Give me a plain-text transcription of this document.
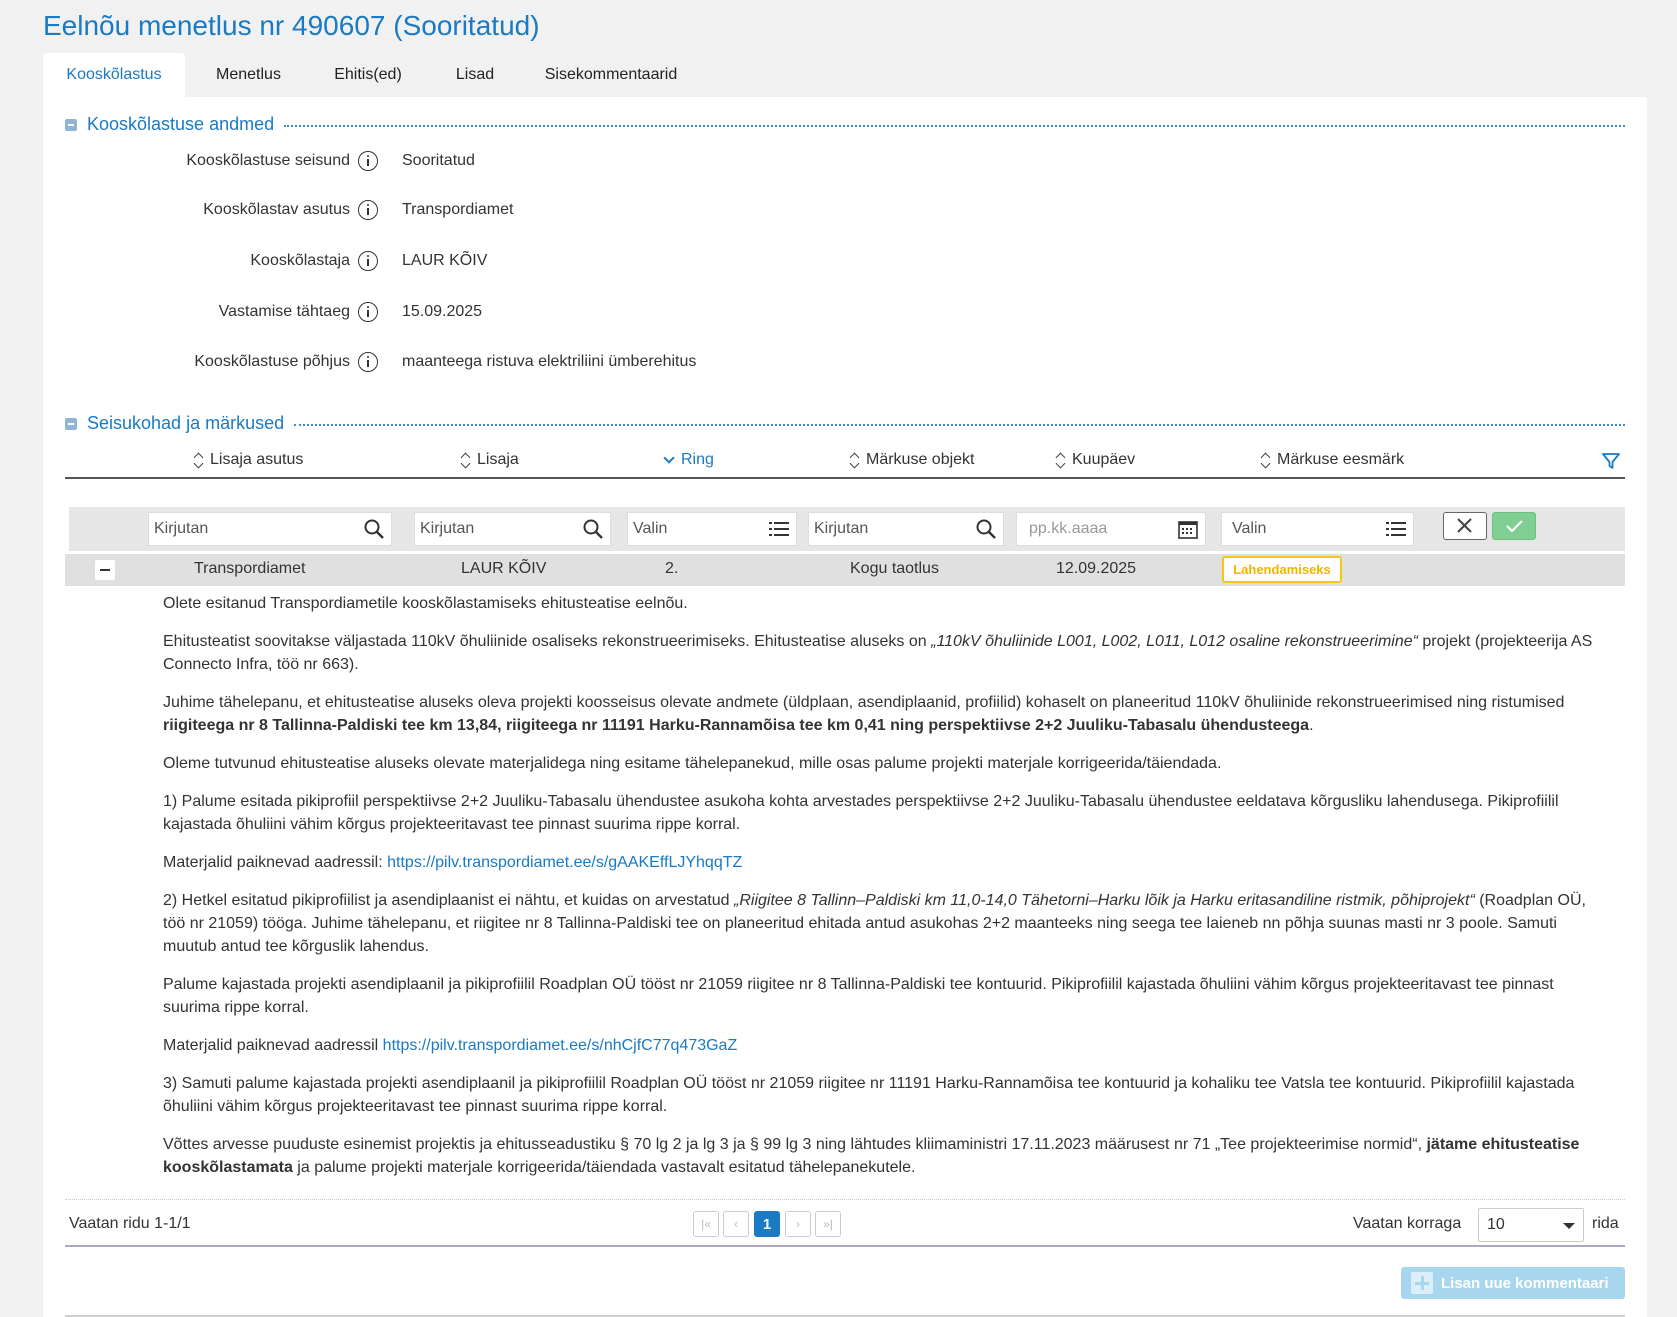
Eelnõu menetlus nr 490607 (Sooritatud)
Kooskõlastus	Menetlus	Ehitis(ed)	Lisad	Sisekommentaarid
Kooskõlastuse andmed
Kooskõlastuse seisund	Sooritatud
Kooskõlastav asutus	Transpordiamet
Kooskõlastaja	LAUR KÕIV
Vastamise tähtaeg	15.09.2025
Kooskõlastuse põhjus	maanteega ristuva elektriliini ümberehitus
Seisukohad ja märkused
Lisaja asutus	Lisaja	Ring	Märkuse objekt	Kuupäev	Märkuse eesmärk
Kirjutan	Kirjutan	Valin	Kirjutan	pp.kk.aaaa	Valin
Transpordiamet	LAUR KÕIV	2.	Kogu taotlus	12.09.2025	Lahendamiseks

Olete esitanud Transpordiametile kooskõlastamiseks ehitusteatise eelnõu.

Ehitusteatist soovitakse väljastada 110kV õhuliinide osaliseks rekonstrueerimiseks. Ehitusteatise aluseks on „110kV õhuliinide L001, L002, L011, L012 osaline rekonstrueerimine“ projekt (projekteerija AS Connecto Infra, töö nr 663).

Juhime tähelepanu, et ehitusteatise aluseks oleva projekti koosseisus olevate andmete (üldplaan, asendiplaanid, profiilid) kohaselt on planeeritud 110kV õhuliinide rekonstrueerimised ning ristumised riigiteega nr 8 Tallinna-Paldiski tee km 13,84, riigiteega nr 11191 Harku-Rannamõisa tee km 0,41 ning perspektiivse 2+2 Juuliku-Tabasalu ühendusteega.

Oleme tutvunud ehitusteatise aluseks olevate materjalidega ning esitame tähelepanekud, mille osas palume projekti materjale korrigeerida/täiendada.

1) Palume esitada pikiprofiil perspektiivse 2+2 Juuliku-Tabasalu ühendustee asukoha kohta arvestades perspektiivse 2+2 Juuliku-Tabasalu ühendustee eeldatava kõrgusliku lahendusega. Pikiprofiilil kajastada õhuliini vähim kõrgus projekteeritavast tee pinnast suurima rippe korral.

Materjalid paiknevad aadressil: https://pilv.transpordiamet.ee/s/gAAKEffLJYhqqTZ

2) Hetkel esitatud pikiprofiilist ja asendiplaanist ei nähtu, et kuidas on arvestatud „Riigitee 8 Tallinn–Paldiski km 11,0-14,0 Tähetorni–Harku lõik ja Harku eritasandiline ristmik, põhiprojekt“ (Roadplan OÜ, töö nr 21059) tööga. Juhime tähelepanu, et riigitee nr 8 Tallinna-Paldiski tee on planeeritud ehitada antud asukohas 2+2 maanteeks ning seega tee laieneb nn põhja suunas masti nr 3 poole. Samuti muutub antud tee kõrguslik lahendus.

Palume kajastada projekti asendiplaanil ja pikiprofiilil Roadplan OÜ tööst nr 21059 riigitee nr 8 Tallinna-Paldiski tee kontuurid. Pikiprofiilil kajastada õhuliini vähim kõrgus projekteeritavast tee pinnast suurima rippe korral.

Materjalid paiknevad aadressil https://pilv.transpordiamet.ee/s/nhCjfC77q473GaZ

3) Samuti palume kajastada projekti asendiplaanil ja pikiprofiilil Roadplan OÜ tööst nr 21059 riigitee nr 11191 Harku-Rannamõisa tee kontuurid ja kohaliku tee Vatsla tee kontuurid. Pikiprofiilil kajastada õhuliini vähim kõrgus projekteeritavast tee pinnast suurima rippe korral.

Võttes arvesse puuduste esinemist projektis ja ehitusseadustiku § 70 lg 2 ja lg 3 ja § 99 lg 3 ning lähtudes kliimaministri 17.11.2023 määrusest nr 71 „Tee projekteerimise normid“, jätame ehitusteatise kooskõlastamata ja palume projekti materjale korrigeerida/täiendada vastavalt esitatud tähelepanekutele.

Vaatan ridu 1-1/1	|«	‹	1	›	»|	Vaatan korraga 10	rida
Lisan uue kommentaari
